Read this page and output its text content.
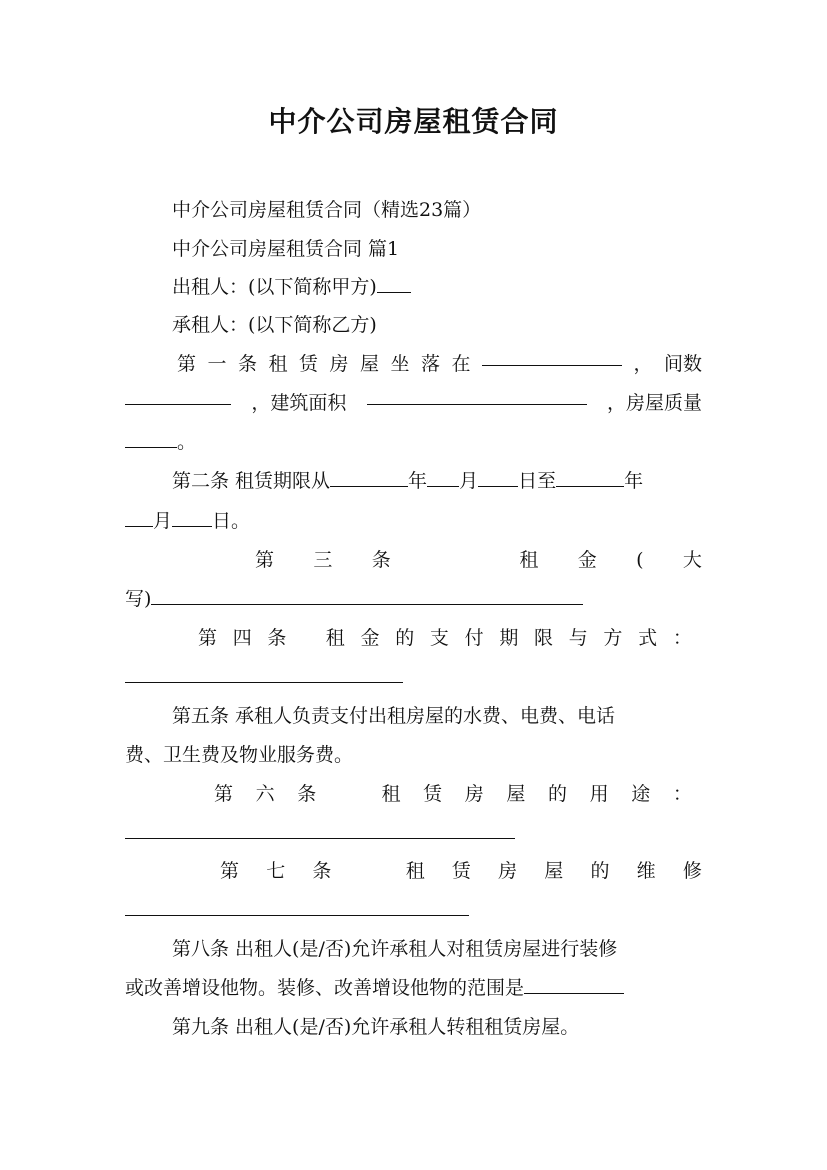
中介公司房屋租赁合同
中介公司房屋租赁合同（精选23篇）
中介公司房屋租赁合同 篇1
出租人：(以下简称甲方)
承租人：(以下简称乙方)
第 一 条 租 赁 房 屋 坐 落 在	， 间数
，建筑面积	，房屋质量
。
第二条 租赁期限从	年 月 日至	年
月 日。
第 三 条	租 金 ( 大
写)
第 四 条 租 金 的 支 付 期 限 与 方 式 ：
第五条 承租人负责支付出租房屋的水费、电费、电话
费、卫生费及物业服务费。
第 六 条	租 赁 房 屋 的 用 途 ：
第 七 条	租 赁 房 屋 的 维 修
第八条 出租人(是/否)允许承租人对租赁房屋进行装修
或改善增设他物。装修、改善增设他物的范围是
第九条 出租人(是/否)允许承租人转租租赁房屋。
